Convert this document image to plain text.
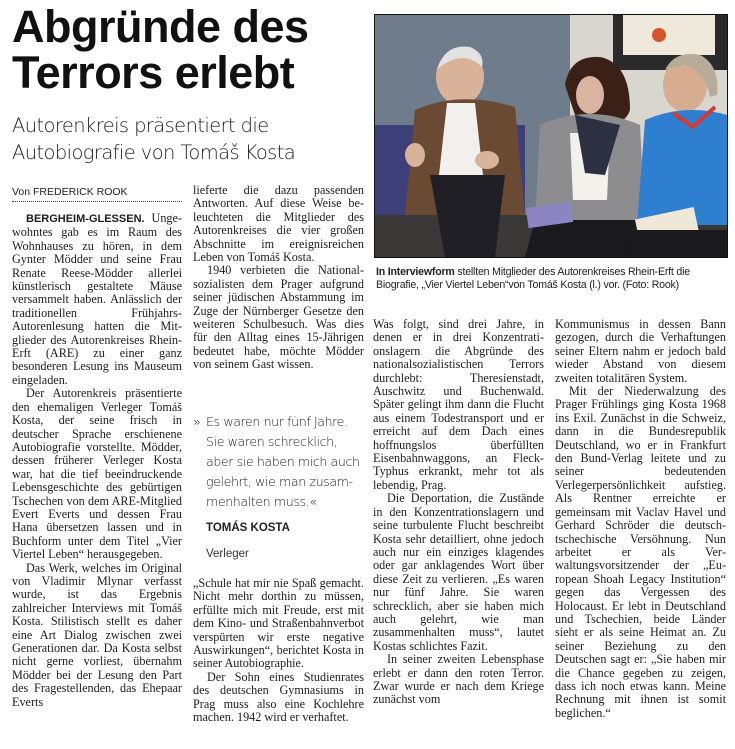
Abgründe des
Terrors erlebt
Autorenkreis präsentiert die
Autobiografie von Tomáš Kosta
Von FREDERICK ROOK
In Interviewform stellten Mitglieder des Autorenkreises Rhein-Erft die Biografie, „Vier Viertel Leben“von Tomáš Kosta (l.) vor. (Foto: Rook)

BERGHEIM-GLESSEN. Ungewohntes gab es im Raum des Wohnhauses zu hören, in dem Gynter Mödder und seine Frau Renate Reese-Mödder allerlei künstlerisch gestaltete Mäuse versammelt haben. Anlässlich der traditionellen Frühjahrs-Autorenlesung hatten die Mitglieder des Autorenkreises Rhein-Erft (ARE) zu einer ganz besonderen Lesung ins Mauseum eingeladen.

Der Autorenkreis präsentierte den ehemaligen Verleger Tomáš Kosta, der seine frisch in deutscher Sprache erschienene Autobiografie vorstellte. Mödder, dessen früherer Verleger Kosta war, hat die tief beeindruckende Lebensgeschichte des gebürtigen Tschechen von dem ARE-Mitglied Evert Everts und dessen Frau Hana übersetzen lassen und in Buchform unter dem Titel „Vier Viertel Leben“ herausgegeben.

Das Werk, welches im Original von Vladimir Mlynar verfasst wurde, ist das Ergebnis zahlreicher Interviews mit Tomáš Kosta. Stilistisch stellt es daher eine Art Dialog zwischen zwei Generationen dar. Da Kosta selbst nicht gerne vorliest, übernahm Mödder bei der Lesung den Part des Fragestellenden, das Ehepaar Everts

lieferte die dazu passenden Antworten. Auf diese Weise beleuchteten die Mitglieder des Autorenkreises die vier großen Abschnitte im ereignisreichen Leben von Tomáš Kosta.

1940 verbieten die Nationalsozialisten dem Prager aufgrund seiner jüdischen Abstammung im Zuge der Nürnberger Gesetze den weiteren Schulbesuch. Was dies für den Alltag eines 15-Jährigen bedeutet habe, möchte Mödder von seinem Gast wissen.

» Es waren nur fünf Jahre. Sie waren schrecklich, aber sie haben mich auch gelehrt, wie man zusammenhalten muss.«
TOMÁS KOSTA
Verleger

„Schule hat mir nie Spaß gemacht. Nicht mehr dorthin zu müssen, erfüllte mich mit Freude, erst mit dem Kino- und Straßenbahnverbot verspürten wir erste negative Auswirkungen“, berichtet Kosta in seiner Autobiographie.

Der Sohn eines Studienrates des deutschen Gymnasiums in Prag muss also eine Kochlehre machen. 1942 wird er verhaftet.

Was folgt, sind drei Jahre, in denen er in drei Konzentrationslagern die Abgründe des nationalsozialistischen Terrors durchlebt: Theresienstadt, Auschwitz und Buchenwald. Später gelingt ihm dann die Flucht aus einem Todestransport und er erreicht auf dem Dach eines hoffnungslos überfüllten Eisenbahnwaggons, an Fleck-Typhus erkrankt, mehr tot als lebendig, Prag.

Die Deportation, die Zustände in den Konzentrationslagern und seine turbulente Flucht beschreibt Kosta sehr detailliert, ohne jedoch auch nur ein einziges klagendes oder gar anklagendes Wort über diese Zeit zu verlieren. „Es waren nur fünf Jahre. Sie waren schrecklich, aber sie haben mich auch gelehrt, wie man zusammenhalten muss“, lautet Kostas schlichtes Fazit.

In seiner zweiten Lebensphase erlebt er dann den roten Terror. Zwar wurde er nach dem Kriege zunächst vom

Kommunismus in dessen Bann gezogen, durch die Verhaftungen seiner Eltern nahm er jedoch bald wieder Abstand von diesem zweiten totalitären System.

Mit der Niederwalzung des Prager Frühlings ging Kosta 1968 ins Exil. Zunächst in die Schweiz, dann in die Bundesrepublik Deutschland, wo er in Frankfurt den Bund-Verlag leitete und zu seiner bedeutenden Verlegerpersönlichkeit aufstieg. Als Rentner erreichte er gemeinsam mit Vaclav Havel und Gerhard Schröder die deutsch-tschechische Versöhnung. Nun arbeitet er als Verwaltungsvorsitzender der „European Shoah Legacy Institution“ gegen das Vergessen des Holocaust. Er lebt in Deutschland und Tschechien, beide Länder sieht er als seine Heimat an. Zu seiner Beziehung zu den Deutschen sagt er: „Sie haben mir die Chance gegeben zu zeigen, dass ich noch etwas kann. Meine Rechnung mit ihnen ist somit beglichen.“
